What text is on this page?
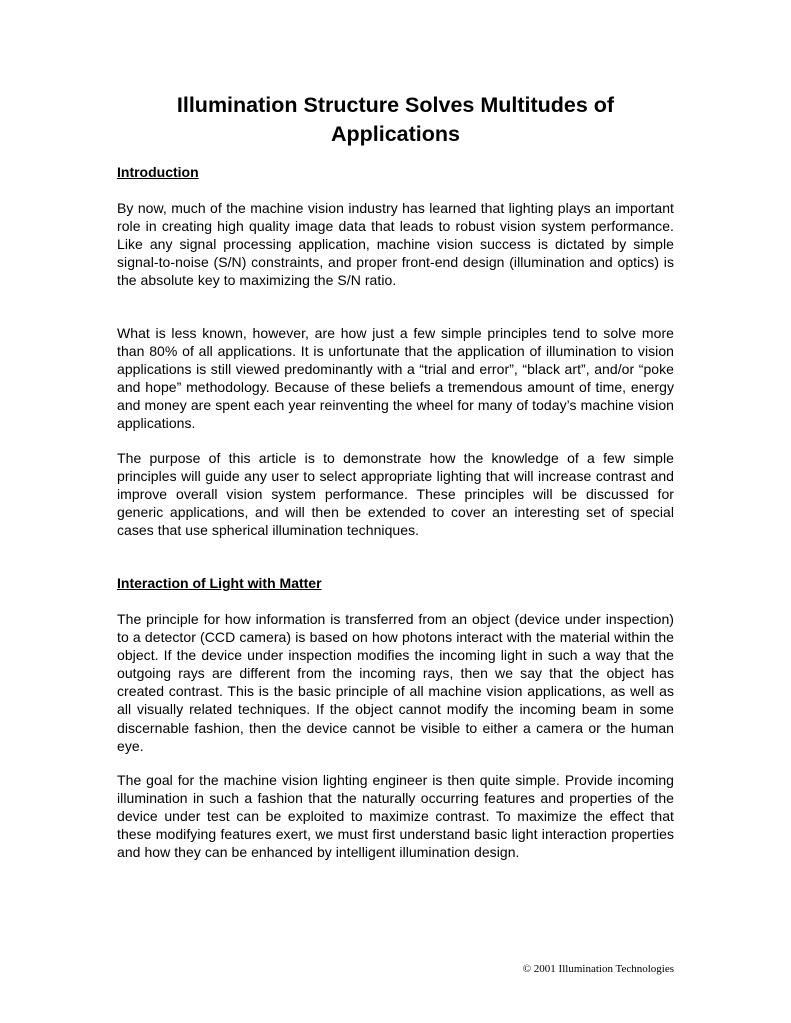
Illumination Structure Solves Multitudes of
Applications
Introduction

By now, much of the machine vision industry has learned that lighting plays an important role in creating high quality image data that leads to robust vision system performance. Like any signal processing application, machine vision success is dictated by simple signal-to-noise (S/N) constraints, and proper front-end design (illumination and optics) is the absolute key to maximizing the S/N ratio.

What is less known, however, are how just a few simple principles tend to solve more than 80% of all applications. It is unfortunate that the application of illumination to vision applications is still viewed predominantly with a “trial and error”, “black art”, and/or “poke and hope” methodology. Because of these beliefs a tremendous amount of time, energy and money are spent each year reinventing the wheel for many of today’s machine vision applications.

The purpose of this article is to demonstrate how the knowledge of a few simple principles will guide any user to select appropriate lighting that will increase contrast and improve overall vision system performance. These principles will be discussed for generic applications, and will then be extended to cover an interesting set of special cases that use spherical illumination techniques.

Interaction of Light with Matter

The principle for how information is transferred from an object (device under inspection) to a detector (CCD camera) is based on how photons interact with the material within the object. If the device under inspection modifies the incoming light in such a way that the outgoing rays are different from the incoming rays, then we say that the object has created contrast. This is the basic principle of all machine vision applications, as well as all visually related techniques. If the object cannot modify the incoming beam in some discernable fashion, then the device cannot be visible to either a camera or the human eye.

The goal for the machine vision lighting engineer is then quite simple. Provide incoming illumination in such a fashion that the naturally occurring features and properties of the device under test can be exploited to maximize contrast. To maximize the effect that these modifying features exert, we must first understand basic light interaction properties and how they can be enhanced by intelligent illumination design.

© 2001 Illumination Technologies
